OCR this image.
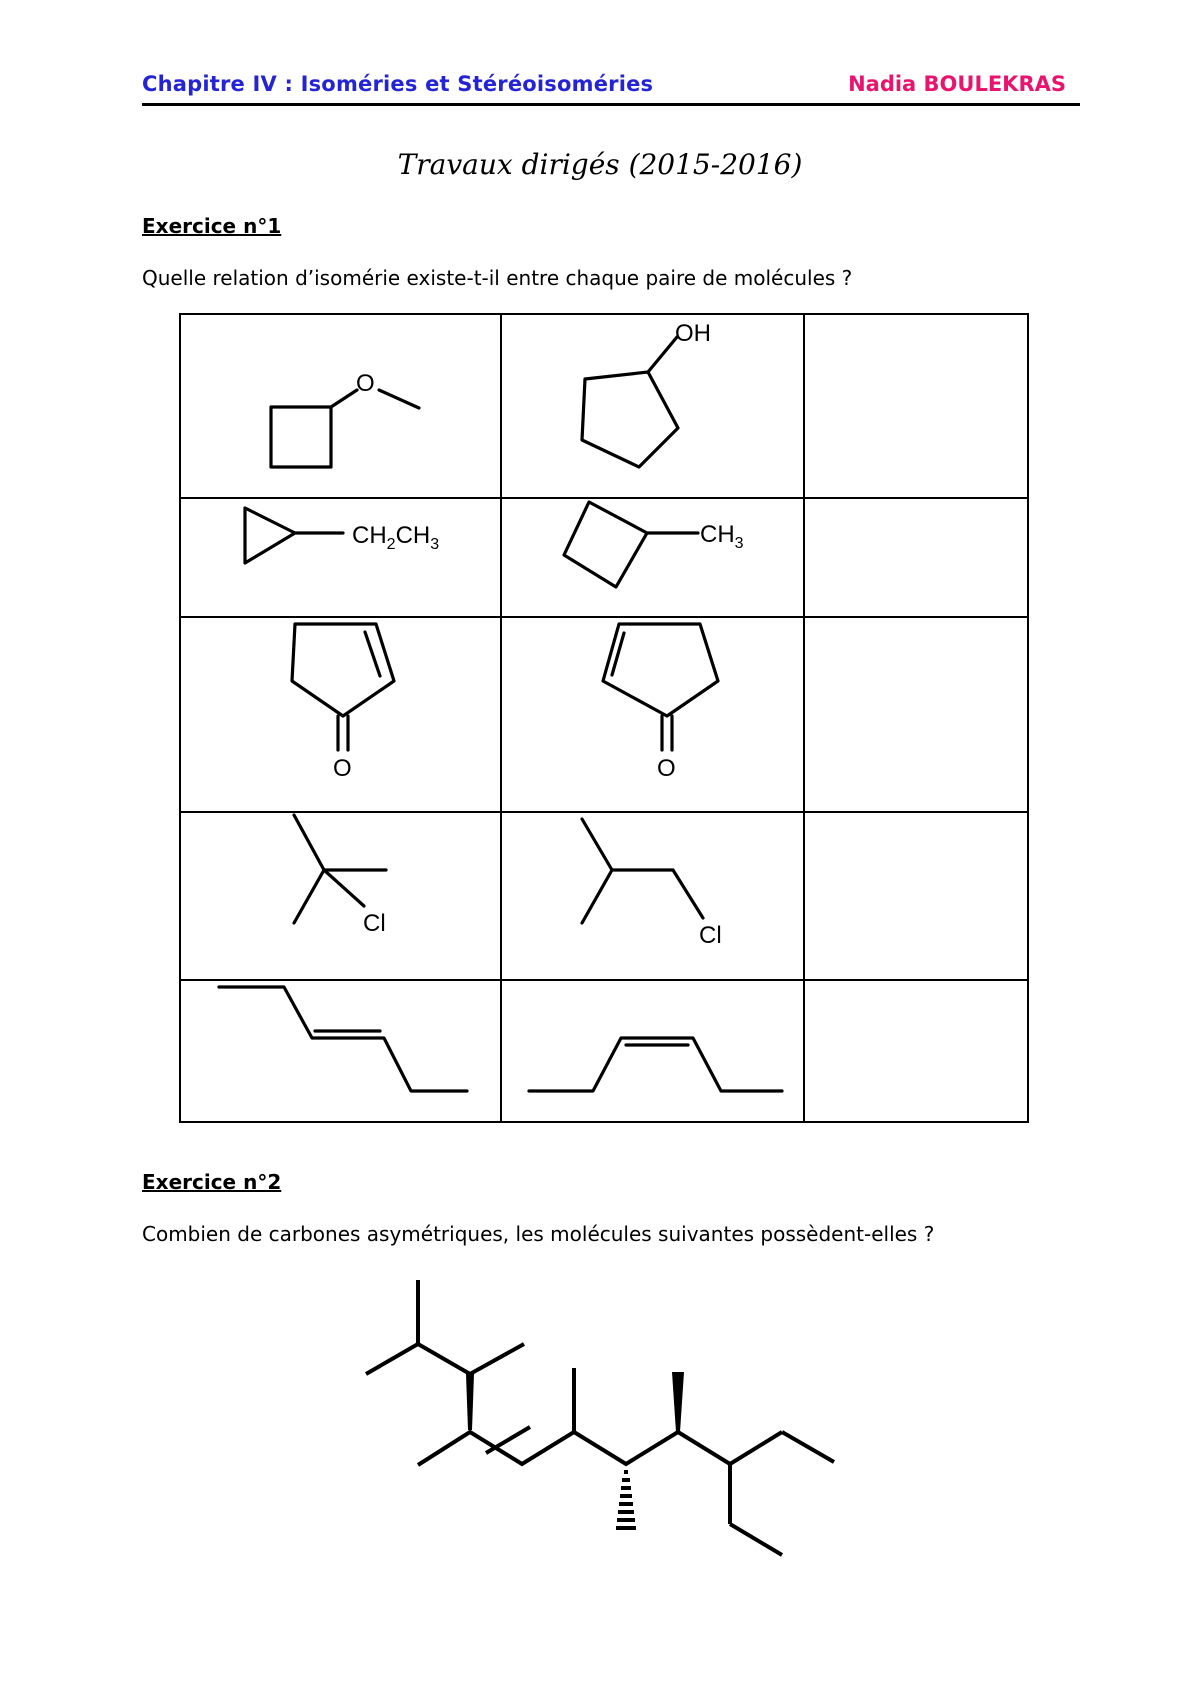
Chapitre IV : Isoméries et Stéréoisoméries	Nadia BOULEKRAS
Travaux dirigés (2015-2016)
Exercice n°1
Quelle relation d’isomérie existe-t-il entre chaque paire de molécules ?
O	OH	

CH2CH3	CH3	

O	O	

Cl	Cl	

Exercice n°2
Combien de carbones asymétriques, les molécules suivantes possèdent-elles ?
